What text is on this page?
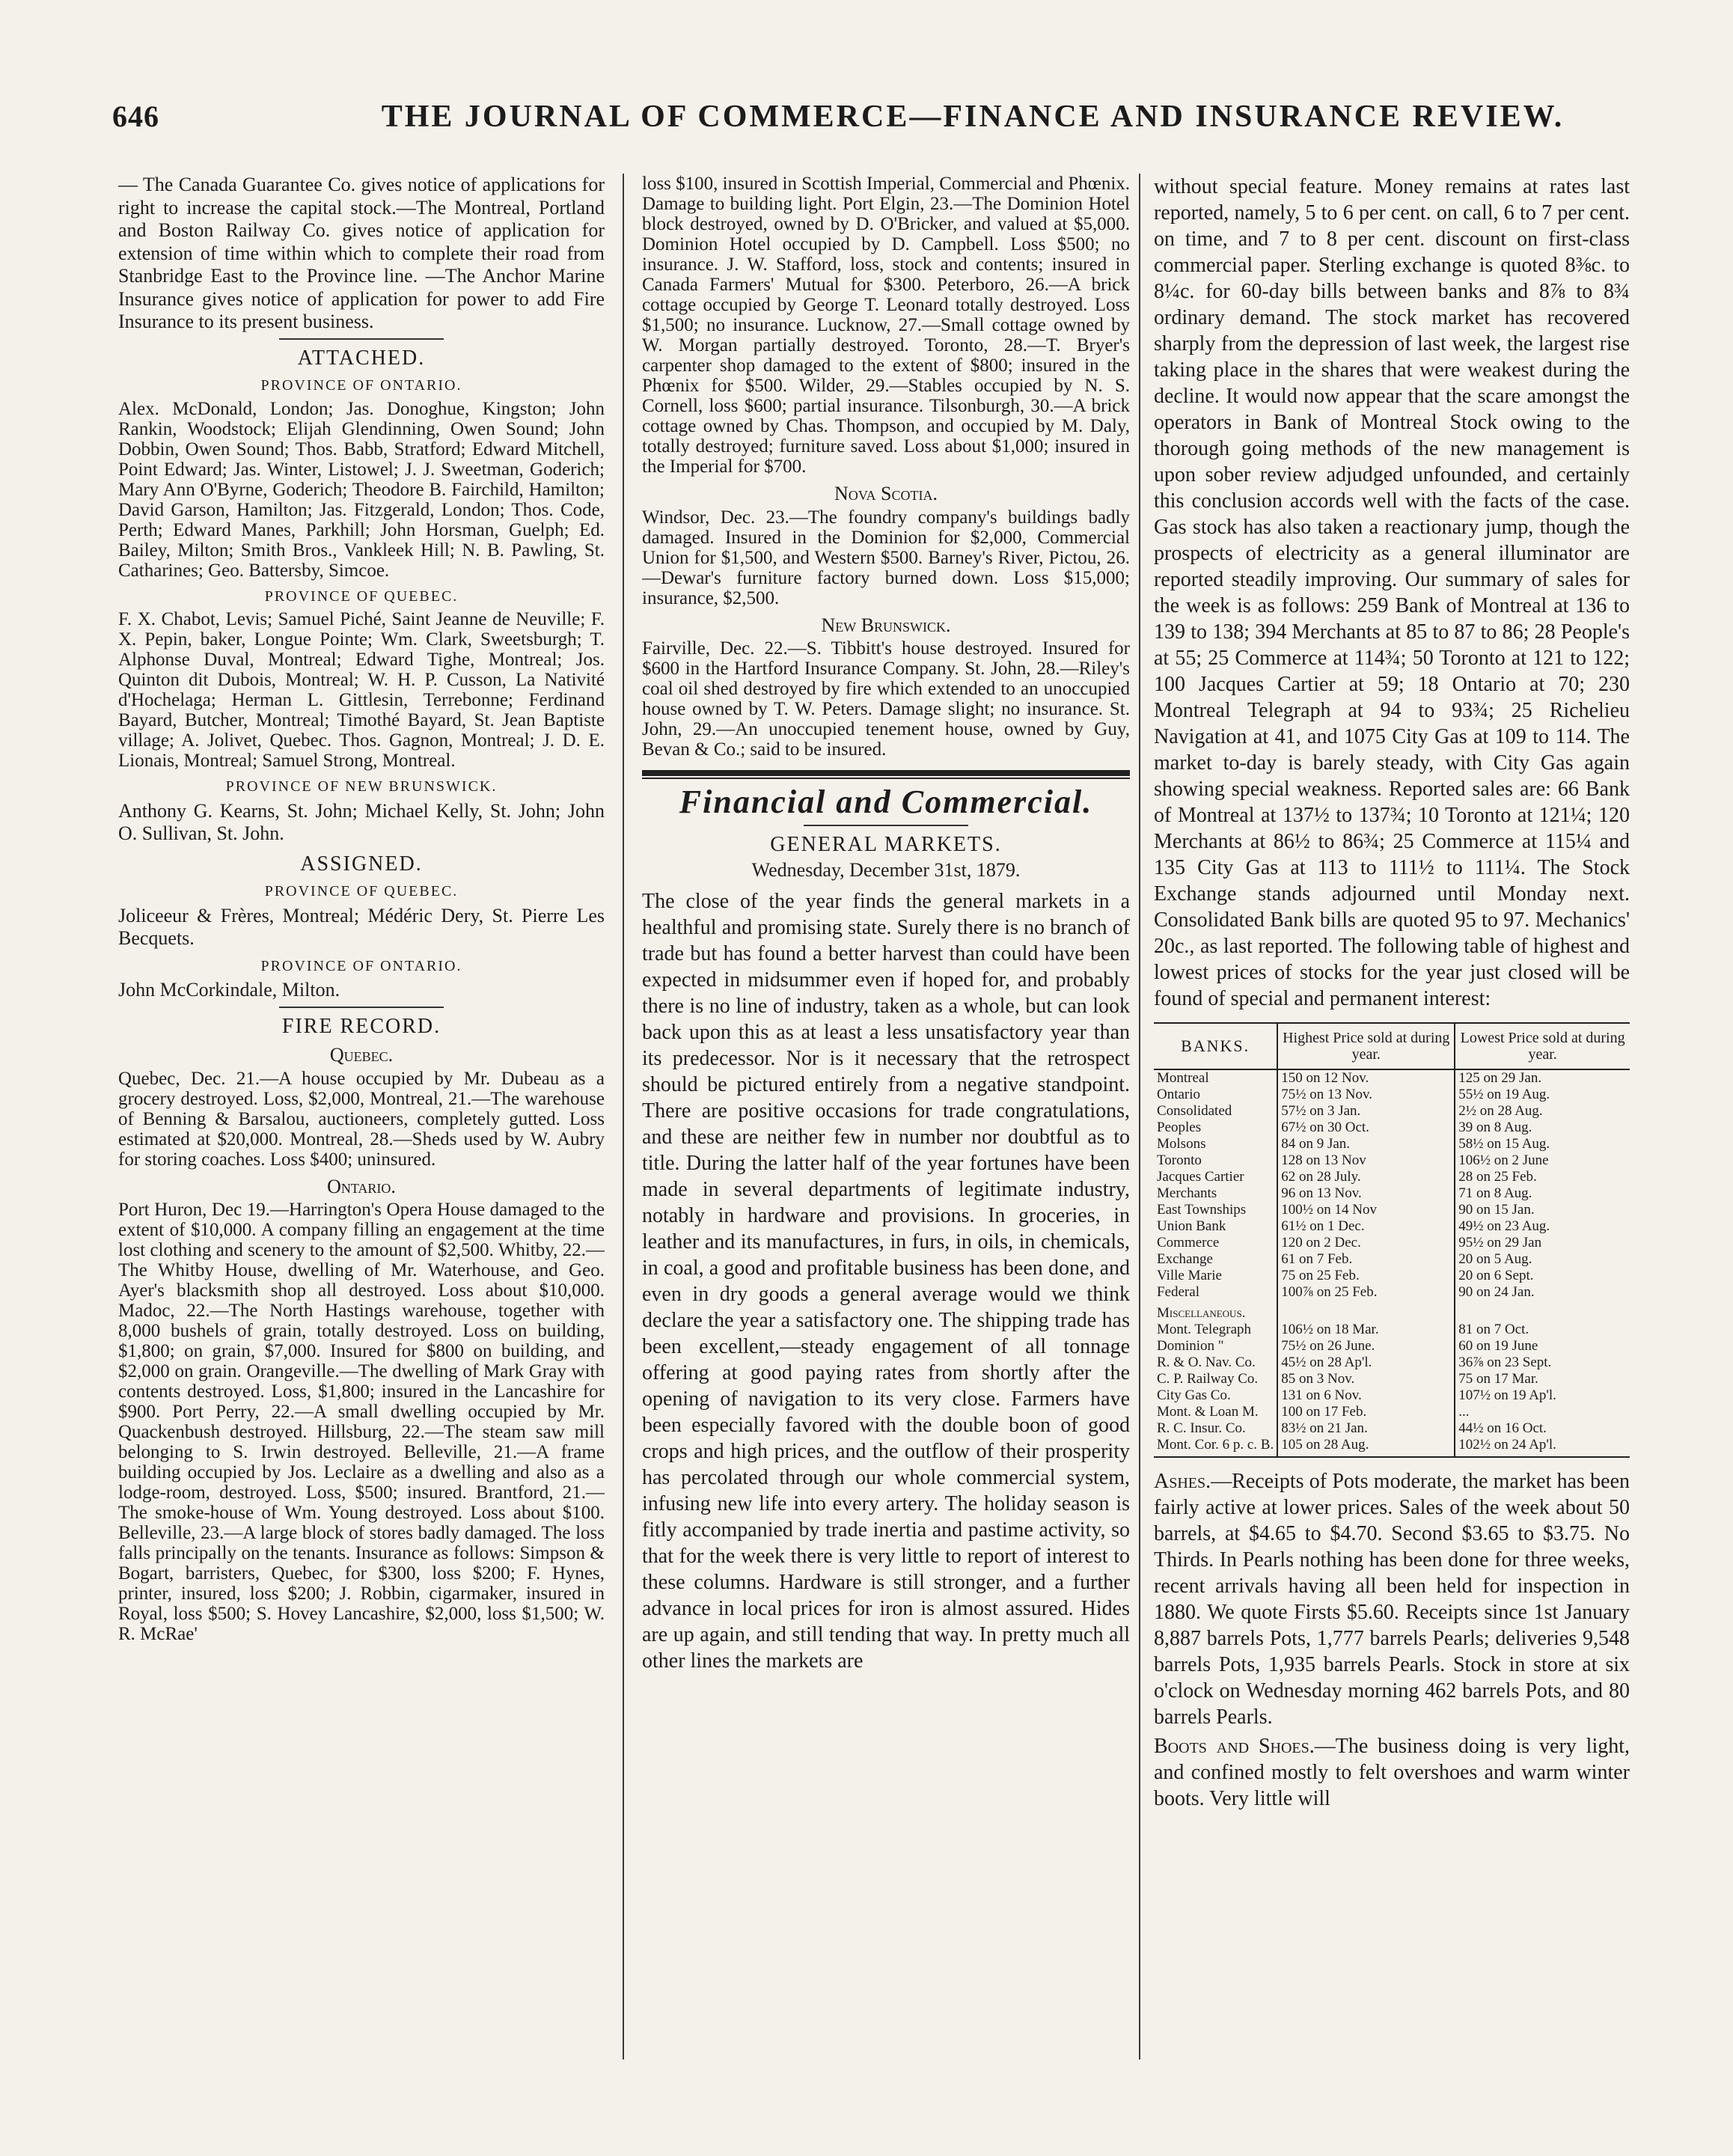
646	THE JOURNAL OF COMMERCE—FINANCE AND INSURANCE REVIEW.

— The Canada Guarantee Co. gives notice of applications for right to increase the capital stock.—The Montreal, Portland and Boston Railway Co. gives notice of application for extension of time within which to complete their road from Stanbridge East to the Province line. —The Anchor Marine Insurance gives notice of application for power to add Fire Insurance to its present business.

ATTACHED.
PROVINCE OF ONTARIO.

Alex. McDonald, London; Jas. Donoghue, Kingston; John Rankin, Woodstock; Elijah Glendinning, Owen Sound; John Dobbin, Owen Sound; Thos. Babb, Stratford; Edward Mitchell, Point Edward; Jas. Winter, Listowel; J. J. Sweetman, Goderich; Mary Ann O'Byrne, Goderich; Theodore B. Fairchild, Hamilton; David Garson, Hamilton; Jas. Fitzgerald, London; Thos. Code, Perth; Edward Manes, Parkhill; John Horsman, Guelph; Ed. Bailey, Milton; Smith Bros., Vankleek Hill; N. B. Pawling, St. Catharines; Geo. Battersby, Simcoe.

PROVINCE OF QUEBEC.

F. X. Chabot, Levis; Samuel Piché, Saint Jeanne de Neuville; F. X. Pepin, baker, Longue Pointe; Wm. Clark, Sweetsburgh; T. Alphonse Duval, Montreal; Edward Tighe, Montreal; Jos. Quinton dit Dubois, Montreal; W. H. P. Cusson, La Nativité d'Hochelaga; Herman L. Gittlesin, Terrebonne; Ferdinand Bayard, Butcher, Montreal; Timothé Bayard, St. Jean Baptiste village; A. Jolivet, Quebec. Thos. Gagnon, Montreal; J. D. E. Lionais, Montreal; Samuel Strong, Montreal.

PROVINCE OF NEW BRUNSWICK.

Anthony G. Kearns, St. John; Michael Kelly, St. John; John O. Sullivan, St. John.

ASSIGNED.
PROVINCE OF QUEBEC.

Joliceeur & Frères, Montreal; Médéric Dery, St. Pierre Les Becquets.

PROVINCE OF ONTARIO.

John McCorkindale, Milton.

FIRE RECORD.
Quebec.

Quebec, Dec. 21.—A house occupied by Mr. Dubeau as a grocery destroyed. Loss, $2,000, Montreal, 21.—The warehouse of Benning & Barsalou, auctioneers, completely gutted. Loss estimated at $20,000. Montreal, 28.—Sheds used by W. Aubry for storing coaches. Loss $400; uninsured.

Ontario.

Port Huron, Dec 19.—Harrington's Opera House damaged to the extent of $10,000. A company filling an engagement at the time lost clothing and scenery to the amount of $2,500. Whitby, 22.—The Whitby House, dwelling of Mr. Waterhouse, and Geo. Ayer's blacksmith shop all destroyed. Loss about $10,000. Madoc, 22.—The North Hastings warehouse, together with 8,000 bushels of grain, totally destroyed. Loss on building, $1,800; on grain, $7,000. Insured for $800 on building, and $2,000 on grain. Orangeville.—The dwelling of Mark Gray with contents destroyed. Loss, $1,800; insured in the Lancashire for $900. Port Perry, 22.—A small dwelling occupied by Mr. Quackenbush destroyed. Hillsburg, 22.—The steam saw mill belonging to S. Irwin destroyed. Belleville, 21.—A frame building occupied by Jos. Leclaire as a dwelling and also as a lodge-room, destroyed. Loss, $500; insured. Brantford, 21.—The smoke-house of Wm. Young destroyed. Loss about $100. Belleville, 23.—A large block of stores badly damaged. The loss falls principally on the tenants. Insurance as follows: Simpson & Bogart, barristers, Quebec, for $300, loss $200; F. Hynes, printer, insured, loss $200; J. Robbin, cigarmaker, insured in Royal, loss $500; S. Hovey Lancashire, $2,000, loss $1,500; W. R. McRae'

loss $100, insured in Scottish Imperial, Commercial and Phœnix. Damage to building light. Port Elgin, 23.—The Dominion Hotel block destroyed, owned by D. O'Bricker, and valued at $5,000. Dominion Hotel occupied by D. Campbell. Loss $500; no insurance. J. W. Stafford, loss, stock and contents; insured in Canada Farmers' Mutual for $300. Peterboro, 26.—A brick cottage occupied by George T. Leonard totally destroyed. Loss $1,500; no insurance. Lucknow, 27.—Small cottage owned by W. Morgan partially destroyed. Toronto, 28.—T. Bryer's carpenter shop damaged to the extent of $800; insured in the Phœnix for $500. Wilder, 29.—Stables occupied by N. S. Cornell, loss $600; partial insurance. Tilsonburgh, 30.—A brick cottage owned by Chas. Thompson, and occupied by M. Daly, totally destroyed; furniture saved. Loss about $1,000; insured in the Imperial for $700.

Nova Scotia.

Windsor, Dec. 23.—The foundry company's buildings badly damaged. Insured in the Dominion for $2,000, Commercial Union for $1,500, and Western $500. Barney's River, Pictou, 26.—Dewar's furniture factory burned down. Loss $15,000; insurance, $2,500.

New Brunswick.

Fairville, Dec. 22.—S. Tibbitt's house destroyed. Insured for $600 in the Hartford Insurance Company. St. John, 28.—Riley's coal oil shed destroyed by fire which extended to an unoccupied house owned by T. W. Peters. Damage slight; no insurance. St. John, 29.—An unoccupied tenement house, owned by Guy, Bevan & Co.; said to be insured.

Financial and Commercial.
GENERAL MARKETS.
Wednesday, December 31st, 1879.

The close of the year finds the general markets in a healthful and promising state. Surely there is no branch of trade but has found a better harvest than could have been expected in midsummer even if hoped for, and probably there is no line of industry, taken as a whole, but can look back upon this as at least a less unsatisfactory year than its predecessor. Nor is it necessary that the retrospect should be pictured entirely from a negative standpoint. There are positive occasions for trade congratulations, and these are neither few in number nor doubtful as to title. During the latter half of the year fortunes have been made in several departments of legitimate industry, notably in hardware and provisions. In groceries, in leather and its manufactures, in furs, in oils, in chemicals, in coal, a good and profitable business has been done, and even in dry goods a general average would we think declare the year a satisfactory one. The shipping trade has been excellent,—steady engagement of all tonnage offering at good paying rates from shortly after the opening of navigation to its very close. Farmers have been especially favored with the double boon of good crops and high prices, and the outflow of their prosperity has percolated through our whole commercial system, infusing new life into every artery. The holiday season is fitly accompanied by trade inertia and pastime activity, so that for the week there is very little to report of interest to these columns. Hardware is still stronger, and a further advance in local prices for iron is almost assured. Hides are up again, and still tending that way. In pretty much all other lines the markets are

without special feature. Money remains at rates last reported, namely, 5 to 6 per cent. on call, 6 to 7 per cent. on time, and 7 to 8 per cent. discount on first-class commercial paper. Sterling exchange is quoted 8⅜c. to 8¼c. for 60-day bills between banks and 8⅞ to 8¾ ordinary demand. The stock market has recovered sharply from the depression of last week, the largest rise taking place in the shares that were weakest during the decline. It would now appear that the scare amongst the operators in Bank of Montreal Stock owing to the thorough going methods of the new management is upon sober review adjudged unfounded, and certainly this conclusion accords well with the facts of the case. Gas stock has also taken a reactionary jump, though the prospects of electricity as a general illuminator are reported steadily improving. Our summary of sales for the week is as follows: 259 Bank of Montreal at 136 to 139 to 138; 394 Merchants at 85 to 87 to 86; 28 People's at 55; 25 Commerce at 114¾; 50 Toronto at 121 to 122; 100 Jacques Cartier at 59; 18 Ontario at 70; 230 Montreal Telegraph at 94 to 93¾; 25 Richelieu Navigation at 41, and 1075 City Gas at 109 to 114. The market to-day is barely steady, with City Gas again showing special weakness. Reported sales are: 66 Bank of Montreal at 137½ to 137¾; 10 Toronto at 121¼; 120 Merchants at 86½ to 86¾; 25 Commerce at 115¼ and 135 City Gas at 113 to 111½ to 111¼. The Stock Exchange stands adjourned until Monday next. Consolidated Bank bills are quoted 95 to 97. Mechanics' 20c., as last reported. The following table of highest and lowest prices of stocks for the year just closed will be found of special and permanent interest:

BANKS.	Highest Price sold at during year.	Lowest Price sold at during year.
Montreal	150 on 12 Nov.	125 on 29 Jan.
Ontario	75½ on 13 Nov.	55½ on 19 Aug.
Consolidated	57½ on 3 Jan.	2½ on 28 Aug.
Peoples	67½ on 30 Oct.	39 on 8 Aug.
Molsons	84 on 9 Jan.	58½ on 15 Aug.
Toronto	128 on 13 Nov	106½ on 2 June
Jacques Cartier	62 on 28 July.	28 on 25 Feb.
Merchants	96 on 13 Nov.	71 on 8 Aug.
East Townships	100½ on 14 Nov	90 on 15 Jan.
Union Bank	61½ on 1 Dec.	49½ on 23 Aug.
Commerce	120 on 2 Dec.	95½ on 29 Jan
Exchange	61 on 7 Feb.	20 on 5 Aug.
Ville Marie	75 on 25 Feb.	20 on 6 Sept.
Federal	100⅞ on 25 Feb.	90 on 24 Jan.
Miscellaneous.		
Mont. Telegraph	106½ on 18 Mar.	81 on 7 Oct.
Dominion "	75½ on 26 June.	60 on 19 June
R. & O. Nav. Co.	45½ on 28 Ap'l.	36⅞ on 23 Sept.
C. P. Railway Co.	85 on 3 Nov.	75 on 17 Mar.
City Gas Co.	131 on 6 Nov.	107½ on 19 Ap'l.
Mont. & Loan M.	100 on 17 Feb.	...
R. C. Insur. Co.	83½ on 21 Jan.	44½ on 16 Oct.
Mont. Cor. 6 p. c. B.	105 on 28 Aug.	102½ on 24 Ap'l.

Ashes.—Receipts of Pots moderate, the market has been fairly active at lower prices. Sales of the week about 50 barrels, at $4.65 to $4.70. Second $3.65 to $3.75. No Thirds. In Pearls nothing has been done for three weeks, recent arrivals having all been held for inspection in 1880. We quote Firsts $5.60. Receipts since 1st January 8,887 barrels Pots, 1,777 barrels Pearls; deliveries 9,548 barrels Pots, 1,935 barrels Pearls. Stock in store at six o'clock on Wednesday morning 462 barrels Pots, and 80 barrels Pearls.

Boots and Shoes.—The business doing is very light, and confined mostly to felt overshoes and warm winter boots. Very little will
